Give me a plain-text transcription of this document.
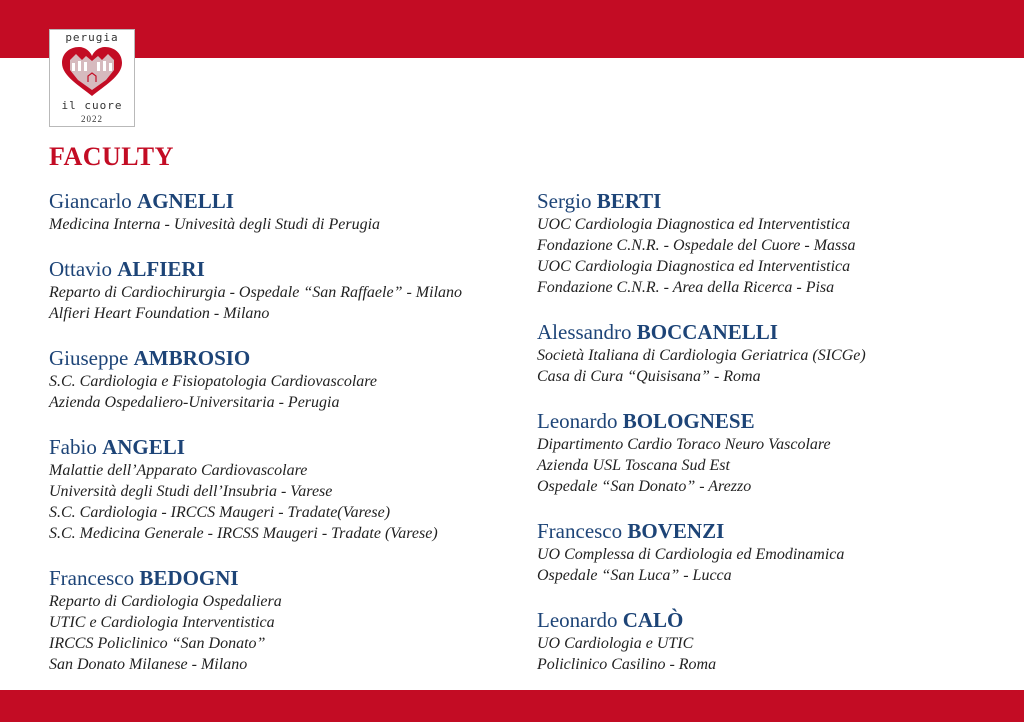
perugia
il cuore
2022
FACULTY
Giancarlo AGNELLI
Medicina Interna - Univesità degli Studi di Perugia
Ottavio ALFIERI
Reparto di Cardiochirurgia - Ospedale “San Raffaele” - Milano
Alfieri Heart Foundation - Milano
Giuseppe AMBROSIO
S.C. Cardiologia e Fisiopatologia Cardiovascolare
Azienda Ospedaliero-Universitaria - Perugia
Fabio ANGELI
Malattie dell’Apparato Cardiovascolare
Università degli Studi dell’Insubria - Varese
S.C. Cardiologia - IRCCS Maugeri - Tradate(Varese)
S.C. Medicina Generale - IRCSS Maugeri - Tradate (Varese)
Francesco BEDOGNI
Reparto di Cardiologia Ospedaliera
UTIC e Cardiologia Interventistica
IRCCS Policlinico “San Donato”
San Donato Milanese - Milano
Sergio BERTI
UOC Cardiologia Diagnostica ed Interventistica
Fondazione C.N.R. - Ospedale del Cuore - Massa
UOC Cardiologia Diagnostica ed Interventistica
Fondazione C.N.R. - Area della Ricerca - Pisa
Alessandro BOCCANELLI
Società Italiana di Cardiologia Geriatrica (SICGe)
Casa di Cura “Quisisana” - Roma
Leonardo BOLOGNESE
Dipartimento Cardio Toraco Neuro Vascolare
Azienda USL Toscana Sud Est
Ospedale “San Donato” - Arezzo
Francesco BOVENZI
UO Complessa di Cardiologia ed Emodinamica
Ospedale “San Luca” - Lucca
Leonardo CALÒ
UO Cardiologia e UTIC
Policlinico Casilino - Roma
